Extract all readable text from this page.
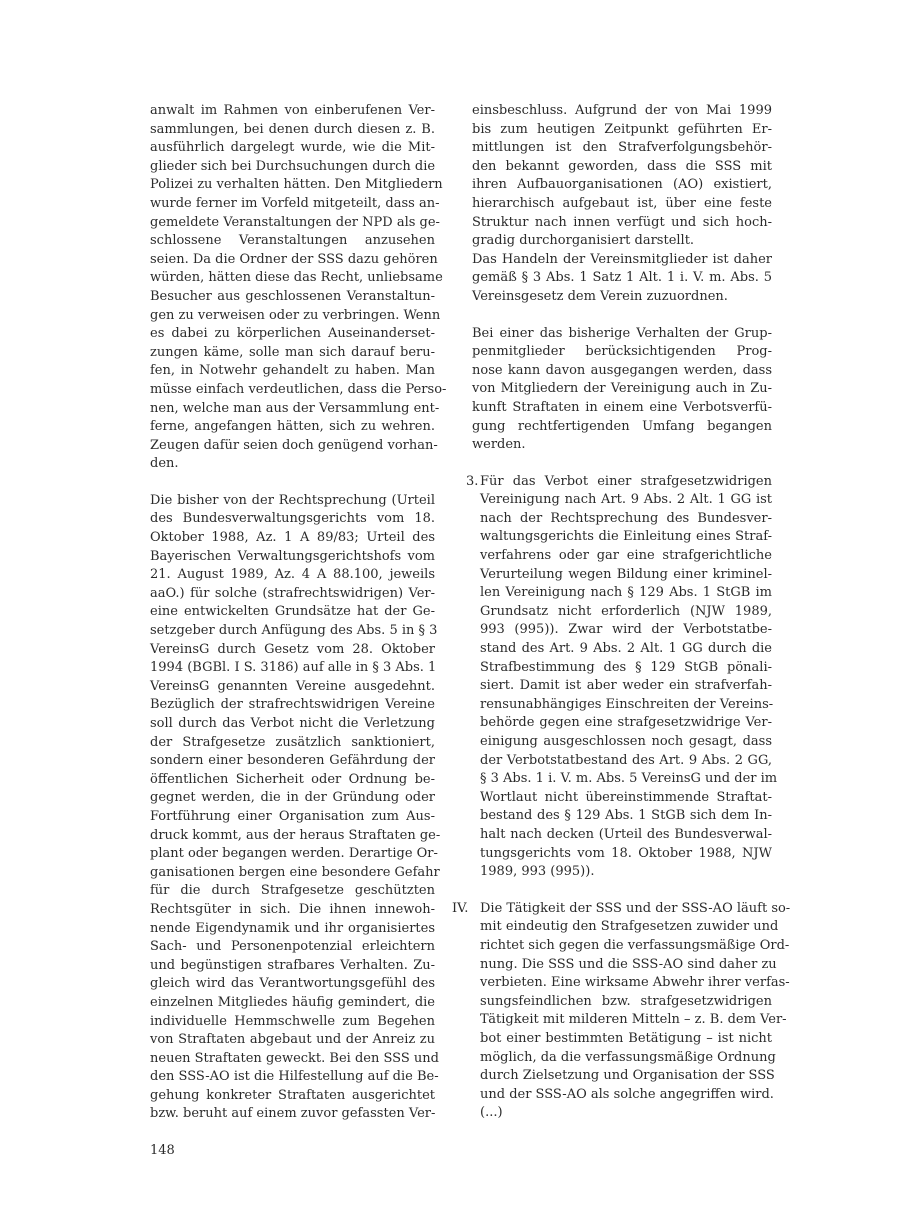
anwalt im Rahmen von einberufenen Ver-
sammlungen, bei denen durch diesen z. B.
ausführlich dargelegt wurde, wie die Mit-
glieder sich bei Durchsuchungen durch die
Polizei zu verhalten hätten. Den Mitgliedern
wurde ferner im Vorfeld mitgeteilt, dass an-
gemeldete Veranstaltungen der NPD als ge-
schlossene Veranstaltungen anzusehen
seien. Da die Ordner der SSS dazu gehören
würden, hätten diese das Recht, unliebsame
Besucher aus geschlossenen Veranstaltun-
gen zu verweisen oder zu verbringen. Wenn
es dabei zu körperlichen Auseinanderset-
zungen käme, solle man sich darauf beru-
fen, in Notwehr gehandelt zu haben. Man
müsse einfach verdeutlichen, dass die Perso-
nen, welche man aus der Versammlung ent-
ferne, angefangen hätten, sich zu wehren.
Zeugen dafür seien doch genügend vorhan-
den.
Die bisher von der Rechtsprechung (Urteil
des Bundesverwaltungsgerichts vom 18.
Oktober 1988, Az. 1 A 89/83; Urteil des
Bayerischen Verwaltungsgerichtshofs vom
21. August 1989, Az. 4 A 88.100, jeweils
aaO.) für solche (strafrechtswidrigen) Ver-
eine entwickelten Grundsätze hat der Ge-
setzgeber durch Anfügung des Abs. 5 in § 3
VereinsG durch Gesetz vom 28. Oktober
1994 (BGBl. I S. 3186) auf alle in § 3 Abs. 1
VereinsG genannten Vereine ausgedehnt.
Bezüglich der strafrechtswidrigen Vereine
soll durch das Verbot nicht die Verletzung
der Strafgesetze zusätzlich sanktioniert,
sondern einer besonderen Gefährdung der
öffentlichen Sicherheit oder Ordnung be-
gegnet werden, die in der Gründung oder
Fortführung einer Organisation zum Aus-
druck kommt, aus der heraus Straftaten ge-
plant oder begangen werden. Derartige Or-
ganisationen bergen eine besondere Gefahr
für die durch Strafgesetze geschützten
Rechtsgüter in sich. Die ihnen innewoh-
nende Eigendynamik und ihr organisiertes
Sach- und Personenpotenzial erleichtern
und begünstigen strafbares Verhalten. Zu-
gleich wird das Verantwortungsgefühl des
einzelnen Mitgliedes häufig gemindert, die
individuelle Hemmschwelle zum Begehen
von Straftaten abgebaut und der Anreiz zu
neuen Straftaten geweckt. Bei den SSS und
den SSS-AO ist die Hilfestellung auf die Be-
gehung konkreter Straftaten ausgerichtet
bzw. beruht auf einem zuvor gefassten Ver-
einsbeschluss. Aufgrund der von Mai 1999
bis zum heutigen Zeitpunkt geführten Er-
mittlungen ist den Strafverfolgungsbehör-
den bekannt geworden, dass die SSS mit
ihren Aufbauorganisationen (AO) existiert,
hierarchisch aufgebaut ist, über eine feste
Struktur nach innen verfügt und sich hoch-
gradig durchorganisiert darstellt.
Das Handeln der Vereinsmitglieder ist daher
gemäß § 3 Abs. 1 Satz 1 Alt. 1 i. V. m. Abs. 5
Vereinsgesetz dem Verein zuzuordnen.
Bei einer das bisherige Verhalten der Grup-
penmitglieder berücksichtigenden Prog-
nose kann davon ausgegangen werden, dass
von Mitgliedern der Vereinigung auch in Zu-
kunft Straftaten in einem eine Verbotsverfü-
gung rechtfertigenden Umfang begangen
werden.
3. Für das Verbot einer strafgesetzwidrigen
Vereinigung nach Art. 9 Abs. 2 Alt. 1 GG ist
nach der Rechtsprechung des Bundesver-
waltungsgerichts die Einleitung eines Straf-
verfahrens oder gar eine strafgerichtliche
Verurteilung wegen Bildung einer kriminel-
len Vereinigung nach § 129 Abs. 1 StGB im
Grundsatz nicht erforderlich (NJW 1989,
993 (995)). Zwar wird der Verbotstatbe-
stand des Art. 9 Abs. 2 Alt. 1 GG durch die
Strafbestimmung des § 129 StGB pönali-
siert. Damit ist aber weder ein strafverfah-
rensunabhängiges Einschreiten der Vereins-
behörde gegen eine strafgesetzwidrige Ver-
einigung ausgeschlossen noch gesagt, dass
der Verbotstatbestand des Art. 9 Abs. 2 GG,
§ 3 Abs. 1 i. V. m. Abs. 5 VereinsG und der im
Wortlaut nicht übereinstimmende Straftat-
bestand des § 129 Abs. 1 StGB sich dem In-
halt nach decken (Urteil des Bundesverwal-
tungsgerichts vom 18. Oktober 1988, NJW
1989, 993 (995)).
IV. Die Tätigkeit der SSS und der SSS-AO läuft so-
mit eindeutig den Strafgesetzen zuwider und
richtet sich gegen die verfassungsmäßige Ord-
nung. Die SSS und die SSS-AO sind daher zu
verbieten. Eine wirksame Abwehr ihrer verfas-
sungsfeindlichen bzw. strafgesetzwidrigen
Tätigkeit mit milderen Mitteln – z. B. dem Ver-
bot einer bestimmten Betätigung – ist nicht
möglich, da die verfassungsmäßige Ordnung
durch Zielsetzung und Organisation der SSS
und der SSS-AO als solche angegriffen wird.
(...)
148
